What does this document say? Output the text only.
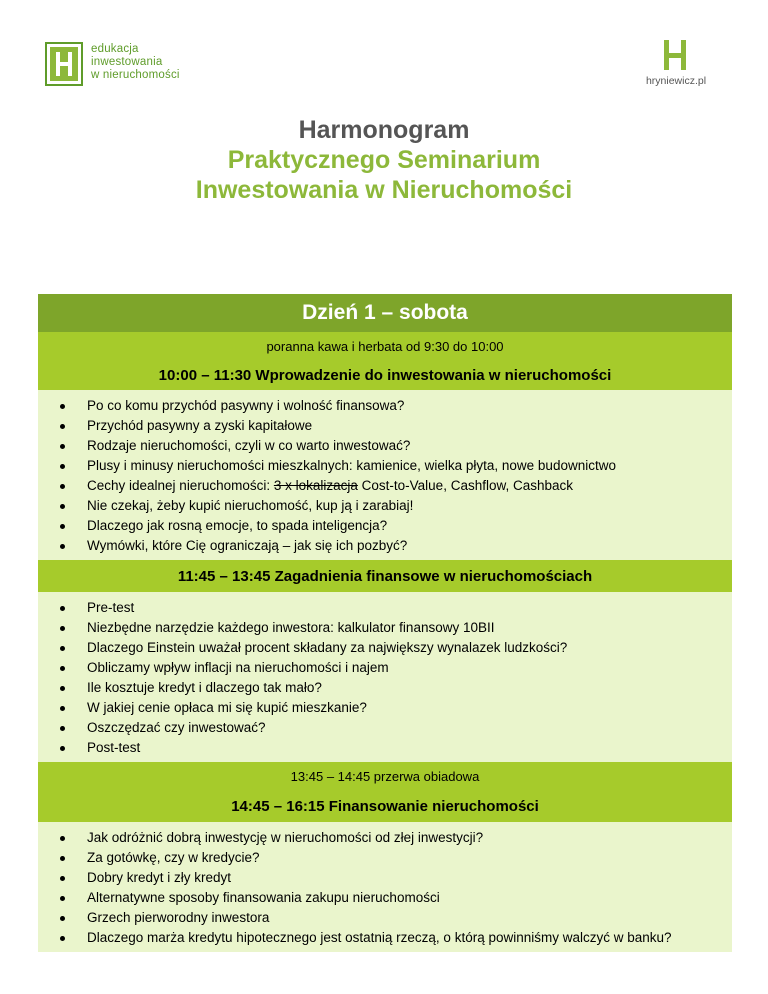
edukacja
inwestowania
w nieruchomości	hryniewicz.pl
Harmonogram
Praktycznego Seminarium
Inwestowania w Nieruchomości
Dzień 1 – sobota
poranna kawa i herbata od 9:30 do 10:00
10:00 – 11:30 Wprowadzenie do inwestowania w nieruchomości
Po co komu przychód pasywny i wolność finansowa?
Przychód pasywny a zyski kapitałowe
Rodzaje nieruchomości, czyli w co warto inwestować?
Plusy i minusy nieruchomości mieszkalnych: kamienice, wielka płyta, nowe budownictwo
Cechy idealnej nieruchomości: 3 x lokalizacja Cost-to-Value, Cashflow, Cashback
Nie czekaj, żeby kupić nieruchomość, kup ją i zarabiaj!
Dlaczego jak rosną emocje, to spada inteligencja?
Wymówki, które Cię ograniczają – jak się ich pozbyć?
11:45 – 13:45 Zagadnienia finansowe w nieruchomościach
Pre-test
Niezbędne narzędzie każdego inwestora: kalkulator finansowy 10BII
Dlaczego Einstein uważał procent składany za największy wynalazek ludzkości?
Obliczamy wpływ inflacji na nieruchomości i najem
Ile kosztuje kredyt i dlaczego tak mało?
W jakiej cenie opłaca mi się kupić mieszkanie?
Oszczędzać czy inwestować?
Post-test
13:45 – 14:45 przerwa obiadowa
14:45 – 16:15 Finansowanie nieruchomości
Jak odróżnić dobrą inwestycję w nieruchomości od złej inwestycji?
Za gotówkę, czy w kredycie?
Dobry kredyt i zły kredyt
Alternatywne sposoby finansowania zakupu nieruchomości
Grzech pierworodny inwestora
Dlaczego marża kredytu hipotecznego jest ostatnią rzeczą, o którą powinniśmy walczyć w banku?
